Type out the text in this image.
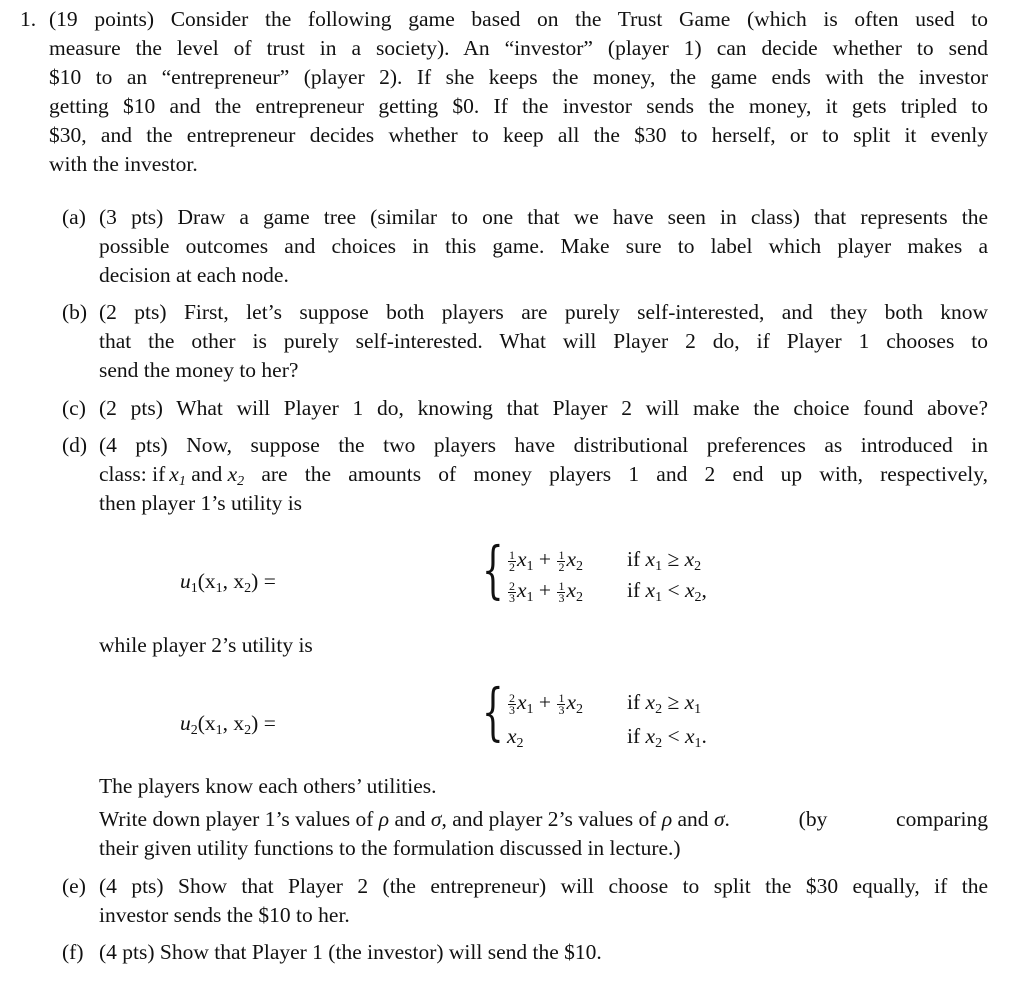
1. (19 points) Consider the following game based on the Trust Game (which is often used to
measure the level of trust in a society). An “investor” (player 1) can decide whether to send
$10 to an “entrepreneur” (player 2). If she keeps the money, the game ends with the investor
getting $10 and the entrepreneur getting $0. If the investor sends the money, it gets tripled to
$30, and the entrepreneur decides whether to keep all the $30 to herself, or to split it evenly
with the investor.
(a) (3 pts) Draw a game tree (similar to one that we have seen in class) that represents the
possible outcomes and choices in this game. Make sure to label which player makes a
decision at each node.
(b) (2 pts) First, let’s suppose both players are purely self-interested, and they both know
that the other is purely self-interested. What will Player 2 do, if Player 1 chooses to
send the money to her?
(c) (2 pts) What will Player 1 do, knowing that Player 2 will make the choice found above?
(d) (4 pts) Now, suppose the two players have distributional preferences as introduced in
class: if $x_1$ and $x_2$ are the amounts of money players 1 and 2 end up with, respectively,
then player 1’s utility is
$u_1(x_1$, $x_2$) =	{ $\frac{1}{2} x_1 + \frac{1}{2} x_2$ if $x_1 \ge x_2$
$\frac{2}{3} x_1 + \frac{1}{3} x_2$ if $x_1 < x_2$,
while player 2’s utility is
$u_2(x_1$, $x_2$) =	{ $\frac{2}{3} x_1 + \frac{1}{3} x_2$ if $x_2 \ge x_1$
$x_2$	if $x_2 < x_1$.
The players know each others’ utilities.
Write down player 1’s values of ρ and σ , and player 2’s values of ρ and σ . (by comparing
their given utility functions to the formulation discussed in lecture.)
(e) (4 pts) Show that Player 2 (the entrepreneur) will choose to split the $30 equally, if the
investor sends the $10 to her.
(f) (4 pts) Show that Player 1 (the investor) will send the $10.
